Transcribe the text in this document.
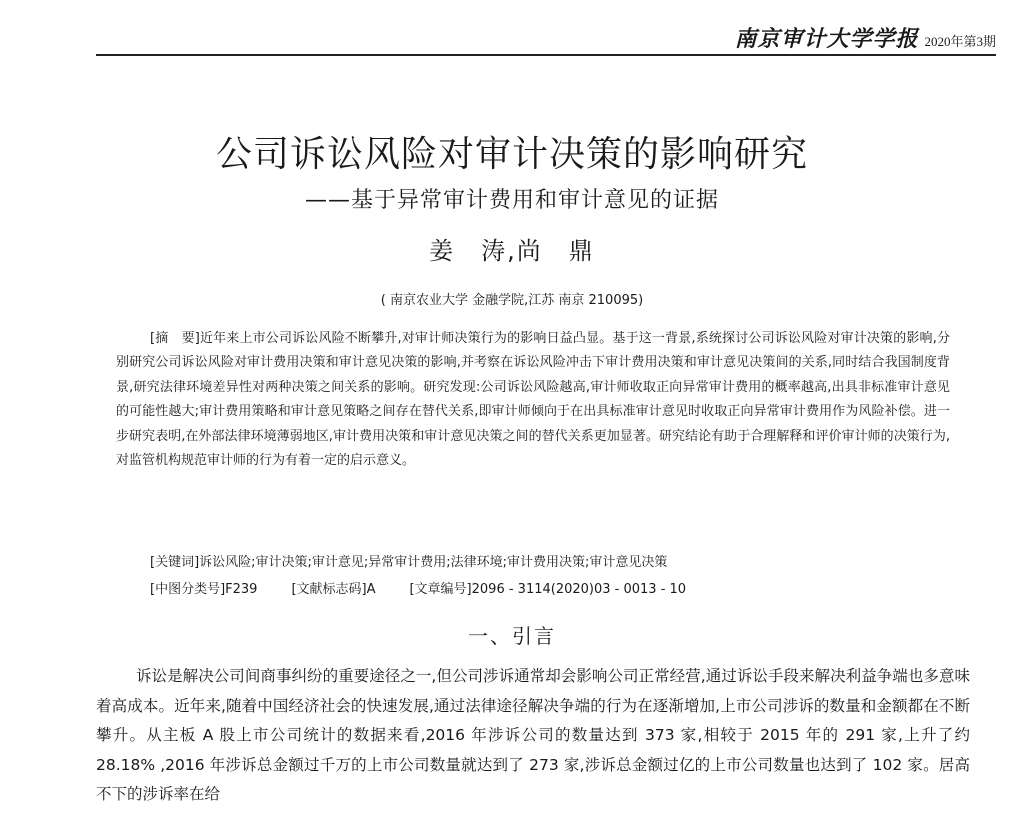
南京审计大学学报 2020年第3期
公司诉讼风险对审计决策的影响研究
——基于异常审计费用和审计意见的证据
姜　涛,尚　鼎
( 南京农业大学 金融学院,江苏 南京 210095)

[摘　要]近年来上市公司诉讼风险不断攀升,对审计师决策行为的影响日益凸显。基于这一背景,系统探讨公司诉讼风险对审计决策的影响,分别研究公司诉讼风险对审计费用决策和审计意见决策的影响,并考察在诉讼风险冲击下审计费用决策和审计意见决策间的关系,同时结合我国制度背景,研究法律环境差异性对两种决策之间关系的影响。研究发现:公司诉讼风险越高,审计师收取正向异常审计费用的概率越高,出具非标准审计意见的可能性越大;审计费用策略和审计意见策略之间存在替代关系,即审计师倾向于在出具标准审计意见时收取正向异常审计费用作为风险补偿。进一步研究表明,在外部法律环境薄弱地区,审计费用决策和审计意见决策之间的替代关系更加显著。研究结论有助于合理解释和评价审计师的决策行为,对监管机构规范审计师的行为有着一定的启示意义。

[关键词]诉讼风险;审计决策;审计意见;异常审计费用;法律环境;审计费用决策;审计意见决策
[中图分类号]F239	[文献标志码]A	[文章编号]2096 - 3114(2020)03 - 0013 - 10
一、引言

诉讼是解决公司间商事纠纷的重要途径之一,但公司涉诉通常却会影响公司正常经营,通过诉讼手段来解决利益争端也多意味着高成本。近年来,随着中国经济社会的快速发展,通过法律途径解决争端的行为在逐渐增加,上市公司涉诉的数量和金额都在不断攀升。从主板 A 股上市公司统计的数据来看,2016 年涉诉公司的数量达到 373 家,相较于 2015 年的 291 家,上升了约 28.18% ,2016 年涉诉总金额过千万的上市公司数量就达到了 273 家,涉诉总金额过亿的上市公司数量也达到了 102 家。居高不下的涉诉率在给
